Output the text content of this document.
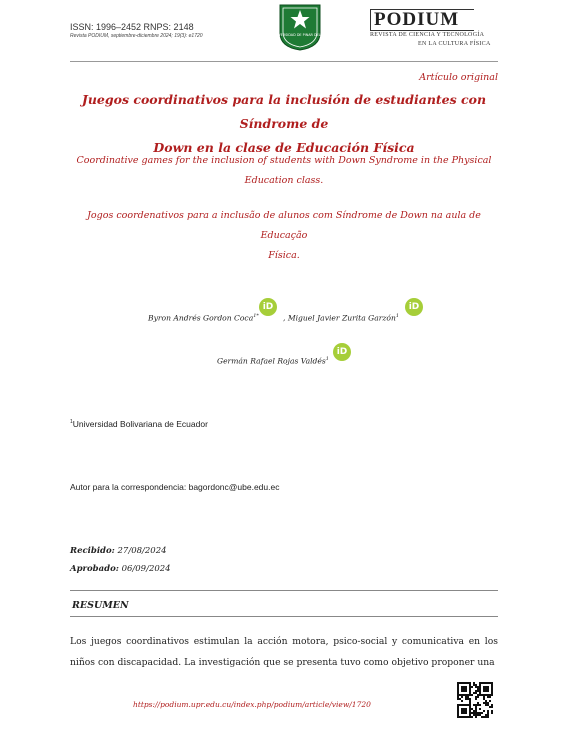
ISSN: 1996–2452 RNPS: 2148
Revista PODIUM, septiembre-diciembre 2024; 19(3): e1720	UNIVERSIDAD DE PINAR DEL RÍO
PODIUM
REVISTA DE CIENCIA Y TECNOLOGÍA
EN LA CULTURA FÍSICA
Artículo original
Juegos coordinativos para la inclusión de estudiantes con Síndrome de
Down en la clase de Educación Física
Coordinative games for the inclusion of students with Down Syndrome in the Physical
Education class.
Jogos coordenativos para a inclusão de alunos com Síndrome de Down na aula de Educação
Física.
Byron Andrés Gordon Coca$^{1*}$
iD
, Miguel Javier Zurita Garzón$^1$
iD
Germán Rafael Rojas Valdés$^1$
iD
$^1$Universidad Bolivariana de Ecuador
Autor para la correspondencia: bagordonc@ube.edu.ec
Recibido: 27/08/2024
Aprobado: 06/09/2024
RESUMEN
Los juegos coordinativos estimulan la acción motora, psico-social y comunicativa en los niños con discapacidad. La investigación que se presenta tuvo como objetivo proponer una
https://podium.upr.edu.cu/index.php/podium/article/view/1720
